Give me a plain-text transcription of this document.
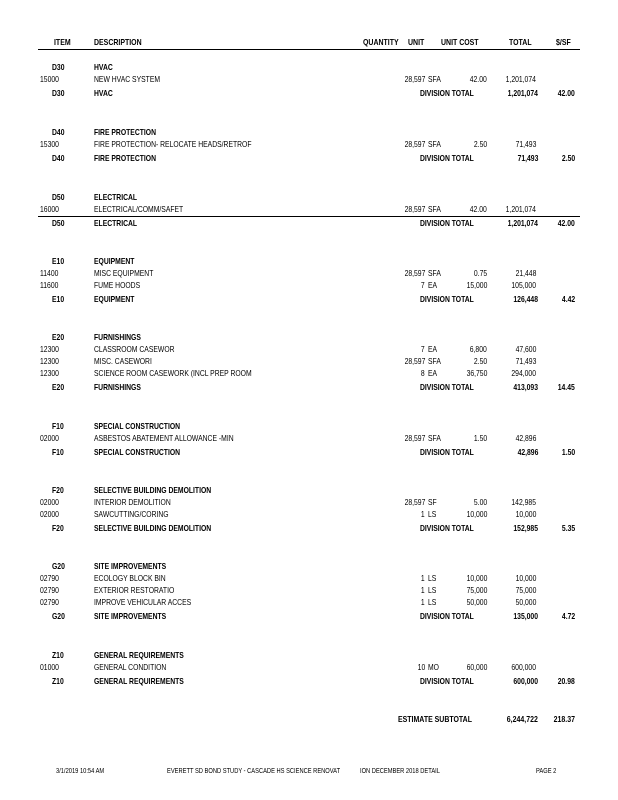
ITEM	DESCRIPTION	QUANTITY UNIT UNIT COST	TOTAL	$/SF
D30	HVAC
15000	NEW HVAC SYSTEM	28,597 SFA	42.00 1,201,074
D30	HVAC	DIVISION TOTAL	1,201,074 42.00
D40	FIRE PROTECTION
15300	FIRE PROTECTION- RELOCATE HEADS/RETROF	28,597 SFA	2.50	71,493
D40	FIRE PROTECTION	DIVISION TOTAL	71,493	2.50
D50	ELECTRICAL
16000	ELECTRICAL/COMM/SAFET	28,597 SFA	42.00 1,201,074
D50	ELECTRICAL	DIVISION TOTAL	1,201,074 42.00
E10	EQUIPMENT
11400	MISC EQUIPMENT	28,597 SFA	0.75	21,448
11600	FUME HOODS	7 EA	15,000	105,000
E10	EQUIPMENT	DIVISION TOTAL	126,448	4.42
E20	FURNISHINGS
12300	CLASSROOM CASEWOR	7 EA	6,800	47,600
12300	MISC. CASEWORI	28,597 SFA	2.50	71,493
12300	SCIENCE ROOM CASEWORK (INCL PREP ROOM	8 EA	36,750	294,000
E20	FURNISHINGS	DIVISION TOTAL	413,093 14.45
F10	SPECIAL CONSTRUCTION
02000	ASBESTOS ABATEMENT ALLOWANCE -MIN	28,597 SFA	1.50	42,896
F10	SPECIAL CONSTRUCTION	DIVISION TOTAL	42,896	1.50
F20	SELECTIVE BUILDING DEMOLITION
02000	INTERIOR DEMOLITION	28,597 SF	5.00	142,985
02000	SAWCUTTING/CORING	1 LS	10,000	10,000
F20	SELECTIVE BUILDING DEMOLITION	DIVISION TOTAL	152,985	5.35
G20	SITE IMPROVEMENTS
02790	ECOLOGY BLOCK BIN	1 LS	10,000	10,000
02790	EXTERIOR RESTORATIO	1 LS	75,000	75,000
02790	IMPROVE VEHICULAR ACCES	1 LS	50,000	50,000
G20	SITE IMPROVEMENTS	DIVISION TOTAL	135,000	4.72
Z10	GENERAL REQUIREMENTS
01000	GENERAL CONDITION	10 MO	60,000	600,000
Z10	GENERAL REQUIREMENTS	DIVISION TOTAL	600,000 20.98
ESTIMATE SUBTOTAL	6,244,722 218.37
3/1/2019 10:54 AM	EVERETT SD BOND STUDY - CASCADE HS SCIENCE RENOVAT	ION DECEMBER 2018 DETAIL	PAGE 2
